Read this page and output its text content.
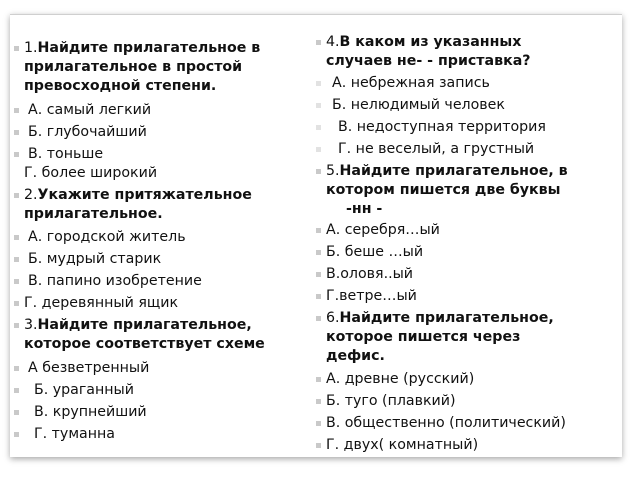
1.Найдите прилагательное в
прилагательное в простой
превосходной степени.
А. самый легкий
Б. глубочайший
В. тоньше
Г. более широкий
2.Укажите притяжательное
прилагательное.
А. городской житель
Б. мудрый старик
В. папино изобретение
Г. деревянный ящик
3.Найдите прилагательное,
которое соответствует схеме
А безветренный
Б. ураганный
В. крупнейший
Г. туманна
4.В каком из указанных
случаев не- - приставка?
А. небрежная запись
Б. нелюдимый человек
В. недоступная территория
Г. не веселый, а грустный
5.Найдите прилагательное, в
котором пишется две буквы
-нн -
А. серебря…ый
Б. беше …ый
В.оловя..ый
Г.ветре…ый
6.Найдите прилагательное,
которое пишется через
дефис.
А. древне (русский)
Б. туго (плавкий)
В. общественно (политический)
Г. двух( комнатный)
